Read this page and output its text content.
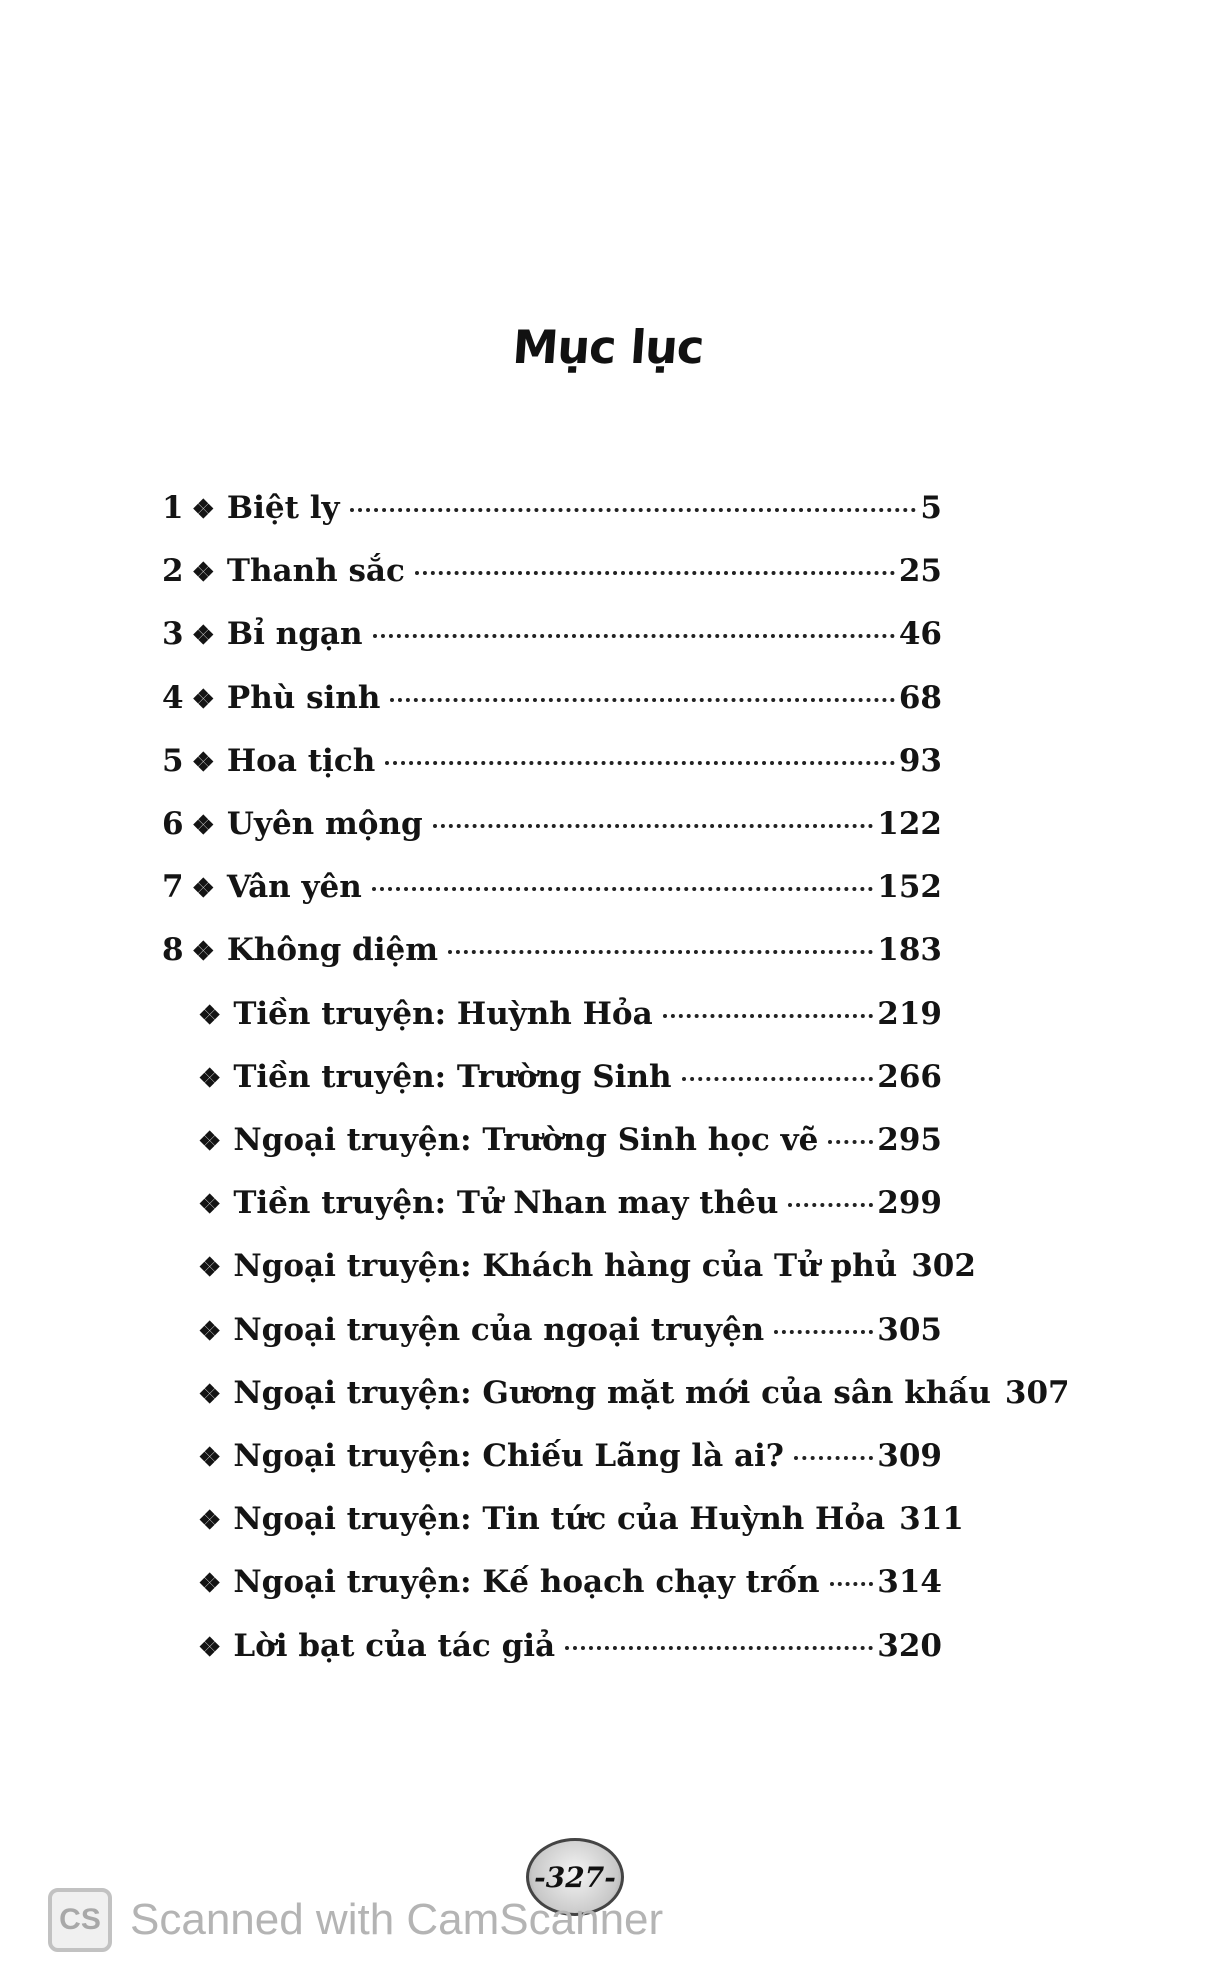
Mục lục
1 ❖ Biệt ly	5
2 ❖ Thanh sắc	25
3 ❖ Bỉ ngạn	46
4 ❖ Phù sinh	68
5 ❖ Hoa tịch	93
6 ❖ Uyên mộng	122
7 ❖ Vân yên	152
8 ❖ Không diệm	183
❖ Tiền truyện: Huỳnh Hỏa	219
❖ Tiền truyện: Trường Sinh	266
❖ Ngoại truyện: Trường Sinh học vẽ 295
❖ Tiền truyện: Tử Nhan may thêu	299
❖ Ngoại truyện: Khách hàng của Tử phủ 302
❖ Ngoại truyện của ngoại truyện	305
❖ Ngoại truyện: Gương mặt mới của sân khấu 307
❖ Ngoại truyện: Chiếu Lãng là ai?	309
❖ Ngoại truyện: Tin tức của Huỳnh Hỏa 311
❖ Ngoại truyện: Kế hoạch chạy trốn 314
❖ Lời bạt của tác giả	320
-327-
CS Scanned with CamScanner
